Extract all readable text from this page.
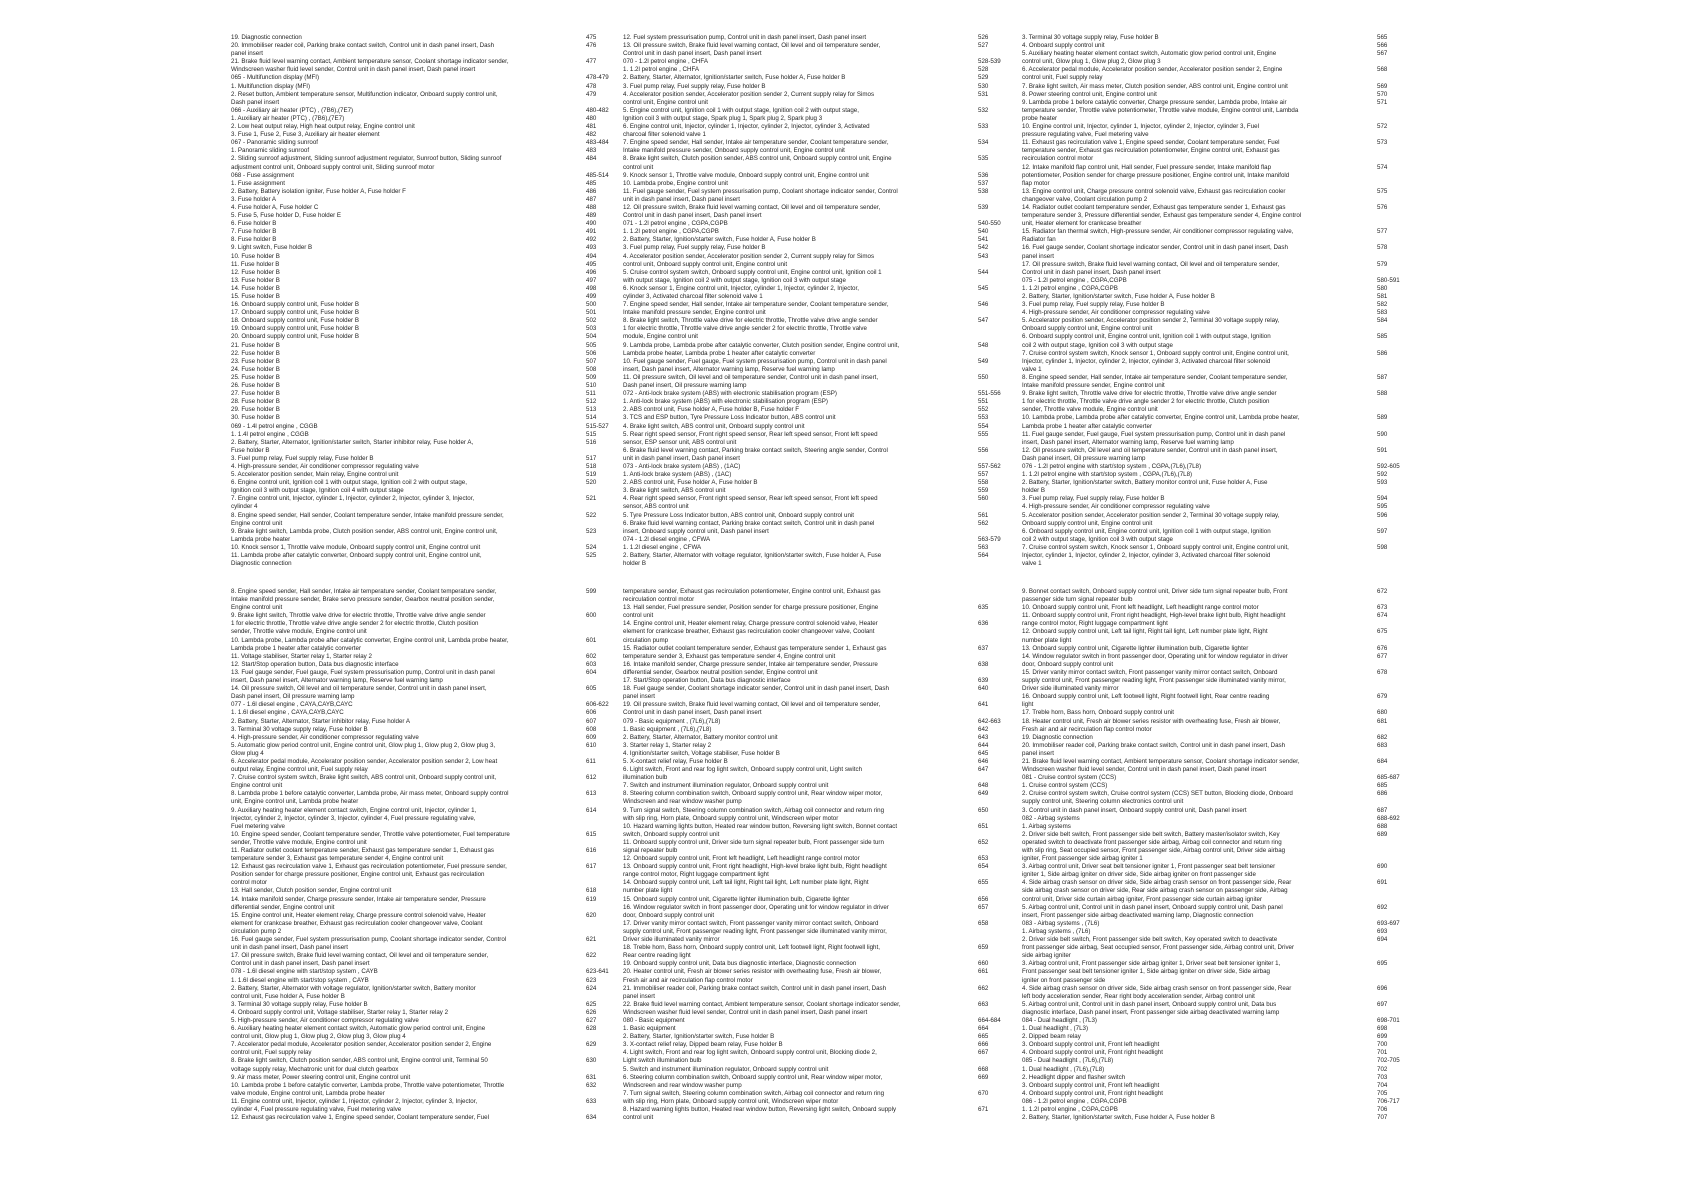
19. Diagnostic connection	475
20. Immobiliser reader coil, Parking brake contact switch, Control unit in dash panel insert, Dash	476
panel insert
21. Brake fluid level warning contact, Ambient temperature sensor, Coolant shortage indicator sender,	477
Windscreen washer fluid level sender, Control unit in dash panel insert, Dash panel insert
065 - Multifunction display (MFI)	478-479
1. Multifunction display (MFI)	478
2. Reset button, Ambient temperature sensor, Multifunction indicator, Onboard supply control unit,	479
Dash panel insert
066 - Auxiliary air heater (PTC) , (7B6),(7E7)	480-482
1. Auxiliary air heater (PTC) , (7B6),(7E7)	480
2. Low heat output relay, High heat output relay, Engine control unit	481
3. Fuse 1, Fuse 2, Fuse 3, Auxiliary air heater element	482
067 - Panoramic sliding sunroof	483-484
1. Panoramic sliding sunroof	483
2. Sliding sunroof adjustment, Sliding sunroof adjustment regulator, Sunroof button, Sliding sunroof	484
adjustment control unit, Onboard supply control unit, Sliding sunroof motor
068 - Fuse assignment	485-514
1. Fuse assignment	485
2. Battery, Battery isolation igniter, Fuse holder A, Fuse holder F	486
3. Fuse holder A	487
4. Fuse holder A, Fuse holder C	488
5. Fuse 5, Fuse holder D, Fuse holder E	489
6. Fuse holder B	490
7. Fuse holder B	491
8. Fuse holder B	492
9. Light switch, Fuse holder B	493
10. Fuse holder B	494
11. Fuse holder B	495
12. Fuse holder B	496
13. Fuse holder B	497
14. Fuse holder B	498
15. Fuse holder B	499
16. Onboard supply control unit, Fuse holder B	500
17. Onboard supply control unit, Fuse holder B	501
18. Onboard supply control unit, Fuse holder B	502
19. Onboard supply control unit, Fuse holder B	503
20. Onboard supply control unit, Fuse holder B	504
21. Fuse holder B	505
22. Fuse holder B	506
23. Fuse holder B	507
24. Fuse holder B	508
25. Fuse holder B	509
26. Fuse holder B	510
27. Fuse holder B	511
28. Fuse holder B	512
29. Fuse holder B	513
30. Fuse holder B	514
069 - 1.4l petrol engine , CGGB	515-527
1. 1.4l petrol engine , CGGB	515
2. Battery, Starter, Alternator, Ignition/starter switch, Starter inhibitor relay, Fuse holder A,	516
Fuse holder B
3. Fuel pump relay, Fuel supply relay, Fuse holder B	517
4. High-pressure sender, Air conditioner compressor regulating valve	518
5. Accelerator position sender, Main relay, Engine control unit	519
6. Engine control unit, Ignition coil 1 with output stage, Ignition coil 2 with output stage,	520
Ignition coil 3 with output stage, Ignition coil 4 with output stage
7. Engine control unit, Injector, cylinder 1, Injector, cylinder 2, Injector, cylinder 3, Injector,	521
cylinder 4
8. Engine speed sender, Hall sender, Coolant temperature sender, Intake manifold pressure sender,	522
Engine control unit
9. Brake light switch, Lambda probe, Clutch position sender, ABS control unit, Engine control unit,	523
Lambda probe heater
10. Knock sensor 1, Throttle valve module, Onboard supply control unit, Engine control unit	524
11. Lambda probe after catalytic converter, Onboard supply control unit, Engine control unit,	525
Diagnostic connection
12. Fuel system pressurisation pump, Control unit in dash panel insert, Dash panel insert	526
13. Oil pressure switch, Brake fluid level warning contact, Oil level and oil temperature sender,	527
Control unit in dash panel insert, Dash panel insert
070 - 1.2l petrol engine , CHFA	528-539
1. 1.2l petrol engine , CHFA	528
2. Battery, Starter, Alternator, Ignition/starter switch, Fuse holder A, Fuse holder B	529
3. Fuel pump relay, Fuel supply relay, Fuse holder B	530
4. Accelerator position sender, Accelerator position sender 2, Current supply relay for Simos	531
control unit, Engine control unit
5. Engine control unit, Ignition coil 1 with output stage, Ignition coil 2 with output stage,	532
Ignition coil 3 with output stage, Spark plug 1, Spark plug 2, Spark plug 3
6. Engine control unit, Injector, cylinder 1, Injector, cylinder 2, Injector, cylinder 3, Activated	533
charcoal filter solenoid valve 1
7. Engine speed sender, Hall sender, Intake air temperature sender, Coolant temperature sender,	534
Intake manifold pressure sender, Onboard supply control unit, Engine control unit
8. Brake light switch, Clutch position sender, ABS control unit, Onboard supply control unit, Engine	535
control unit
9. Knock sensor 1, Throttle valve module, Onboard supply control unit, Engine control unit	536
10. Lambda probe, Engine control unit	537
11. Fuel gauge sender, Fuel system pressurisation pump, Coolant shortage indicator sender, Control	538
unit in dash panel insert, Dash panel insert
12. Oil pressure switch, Brake fluid level warning contact, Oil level and oil temperature sender,	539
Control unit in dash panel insert, Dash panel insert
071 - 1.2l petrol engine , CGPA,CGPB	540-550
1. 1.2l petrol engine , CGPA,CGPB	540
2. Battery, Starter, Ignition/starter switch, Fuse holder A, Fuse holder B	541
3. Fuel pump relay, Fuel supply relay, Fuse holder B	542
4. Accelerator position sender, Accelerator position sender 2, Current supply relay for Simos	543
control unit, Onboard supply control unit, Engine control unit
5. Cruise control system switch, Onboard supply control unit, Engine control unit, Ignition coil 1	544
with output stage, Ignition coil 2 with output stage, Ignition coil 3 with output stage
6. Knock sensor 1, Engine control unit, Injector, cylinder 1, Injector, cylinder 2, Injector,	545
cylinder 3, Activated charcoal filter solenoid valve 1
7. Engine speed sender, Hall sender, Intake air temperature sender, Coolant temperature sender,	546
Intake manifold pressure sender, Engine control unit
8. Brake light switch, Throttle valve drive for electric throttle, Throttle valve drive angle sender	547
1 for electric throttle, Throttle valve drive angle sender 2 for electric throttle, Throttle valve
module, Engine control unit
9. Lambda probe, Lambda probe after catalytic converter, Clutch position sender, Engine control unit,	548
Lambda probe heater, Lambda probe 1 heater after catalytic converter
10. Fuel gauge sender, Fuel gauge, Fuel system pressurisation pump, Control unit in dash panel	549
insert, Dash panel insert, Alternator warning lamp, Reserve fuel warning lamp
11. Oil pressure switch, Oil level and oil temperature sender, Control unit in dash panel insert,	550
Dash panel insert, Oil pressure warning lamp
072 - Anti-lock brake system (ABS) with electronic stabilisation program (ESP)	551-556
1. Anti-lock brake system (ABS) with electronic stabilisation program (ESP)	551
2. ABS control unit, Fuse holder A, Fuse holder B, Fuse holder F	552
3. TCS and ESP button, Tyre Pressure Loss Indicator button, ABS control unit	553
4. Brake light switch, ABS control unit, Onboard supply control unit	554
5. Rear right speed sensor, Front right speed sensor, Rear left speed sensor, Front left speed	555
sensor, ESP sensor unit, ABS control unit
6. Brake fluid level warning contact, Parking brake contact switch, Steering angle sender, Control	556
unit in dash panel insert, Dash panel insert
073 - Anti-lock brake system (ABS) , (1AC)	557-562
1. Anti-lock brake system (ABS) , (1AC)	557
2. ABS control unit, Fuse holder A, Fuse holder B	558
3. Brake light switch, ABS control unit	559
4. Rear right speed sensor, Front right speed sensor, Rear left speed sensor, Front left speed	560
sensor, ABS control unit
5. Tyre Pressure Loss Indicator button, ABS control unit, Onboard supply control unit	561
6. Brake fluid level warning contact, Parking brake contact switch, Control unit in dash panel	562
insert, Onboard supply control unit, Dash panel insert
074 - 1.2l diesel engine , CFWA	563-579
1. 1.2l diesel engine , CFWA	563
2. Battery, Starter, Alternator with voltage regulator, Ignition/starter switch, Fuse holder A, Fuse	564
holder B
3. Terminal 30 voltage supply relay, Fuse holder B	565
4. Onboard supply control unit	566
5. Auxiliary heating heater element contact switch, Automatic glow period control unit, Engine	567
control unit, Glow plug 1, Glow plug 2, Glow plug 3
6. Accelerator pedal module, Accelerator position sender, Accelerator position sender 2, Engine	568
control unit, Fuel supply relay
7. Brake light switch, Air mass meter, Clutch position sender, ABS control unit, Engine control unit	569
8. Power steering control unit, Engine control unit	570
9. Lambda probe 1 before catalytic converter, Charge pressure sender, Lambda probe, Intake air	571
temperature sender, Throttle valve potentiometer, Throttle valve module, Engine control unit, Lambda
probe heater
10. Engine control unit, Injector, cylinder 1, Injector, cylinder 2, Injector, cylinder 3, Fuel	572
pressure regulating valve, Fuel metering valve
11. Exhaust gas recirculation valve 1, Engine speed sender, Coolant temperature sender, Fuel	573
temperature sender, Exhaust gas recirculation potentiometer, Engine control unit, Exhaust gas
recirculation control motor
12. Intake manifold flap control unit, Hall sender, Fuel pressure sender, Intake manifold flap	574
potentiometer, Position sender for charge pressure positioner, Engine control unit, Intake manifold
flap motor
13. Engine control unit, Charge pressure control solenoid valve, Exhaust gas recirculation cooler	575
changeover valve, Coolant circulation pump 2
14. Radiator outlet coolant temperature sender, Exhaust gas temperature sender 1, Exhaust gas	576
temperature sender 3, Pressure differential sender, Exhaust gas temperature sender 4, Engine control
unit, Heater element for crankcase breather
15. Radiator fan thermal switch, High-pressure sender, Air conditioner compressor regulating valve,	577
Radiator fan
16. Fuel gauge sender, Coolant shortage indicator sender, Control unit in dash panel insert, Dash	578
panel insert
17. Oil pressure switch, Brake fluid level warning contact, Oil level and oil temperature sender,	579
Control unit in dash panel insert, Dash panel insert
075 - 1.2l petrol engine , CGPA,CGPB	580-591
1. 1.2l petrol engine , CGPA,CGPB	580
2. Battery, Starter, Ignition/starter switch, Fuse holder A, Fuse holder B	581
3. Fuel pump relay, Fuel supply relay, Fuse holder B	582
4. High-pressure sender, Air conditioner compressor regulating valve	583
5. Accelerator position sender, Accelerator position sender 2, Terminal 30 voltage supply relay,	584
Onboard supply control unit, Engine control unit
6. Onboard supply control unit, Engine control unit, Ignition coil 1 with output stage, Ignition	585
coil 2 with output stage, Ignition coil 3 with output stage
7. Cruise control system switch, Knock sensor 1, Onboard supply control unit, Engine control unit,	586
Injector, cylinder 1, Injector, cylinder 2, Injector, cylinder 3, Activated charcoal filter solenoid
valve 1
8. Engine speed sender, Hall sender, Intake air temperature sender, Coolant temperature sender,	587
Intake manifold pressure sender, Engine control unit
9. Brake light switch, Throttle valve drive for electric throttle, Throttle valve drive angle sender	588
1 for electric throttle, Throttle valve drive angle sender 2 for electric throttle, Clutch position
sender, Throttle valve module, Engine control unit
10. Lambda probe, Lambda probe after catalytic converter, Engine control unit, Lambda probe heater,	589
Lambda probe 1 heater after catalytic converter
11. Fuel gauge sender, Fuel gauge, Fuel system pressurisation pump, Control unit in dash panel	590
insert, Dash panel insert, Alternator warning lamp, Reserve fuel warning lamp
12. Oil pressure switch, Oil level and oil temperature sender, Control unit in dash panel insert,	591
Dash panel insert, Oil pressure warning lamp
076 - 1.2l petrol engine with start/stop system , CGPA,(7L6),(7L8)	592-605
1. 1.2l petrol engine with start/stop system , CGPA,(7L6),(7L8)	592
2. Battery, Starter, Ignition/starter switch, Battery monitor control unit, Fuse holder A, Fuse	593
holder B
3. Fuel pump relay, Fuel supply relay, Fuse holder B	594
4. High-pressure sender, Air conditioner compressor regulating valve	595
5. Accelerator position sender, Accelerator position sender 2, Terminal 30 voltage supply relay,	596
Onboard supply control unit, Engine control unit
6. Onboard supply control unit, Engine control unit, Ignition coil 1 with output stage, Ignition	597
coil 2 with output stage, Ignition coil 3 with output stage
7. Cruise control system switch, Knock sensor 1, Onboard supply control unit, Engine control unit,	598
Injector, cylinder 1, Injector, cylinder 2, Injector, cylinder 3, Activated charcoal filter solenoid
valve 1
8. Engine speed sender, Hall sender, Intake air temperature sender, Coolant temperature sender,	599
Intake manifold pressure sender, Brake servo pressure sender, Gearbox neutral position sender,
Engine control unit
9. Brake light switch, Throttle valve drive for electric throttle, Throttle valve drive angle sender	600
1 for electric throttle, Throttle valve drive angle sender 2 for electric throttle, Clutch position
sender, Throttle valve module, Engine control unit
10. Lambda probe, Lambda probe after catalytic converter, Engine control unit, Lambda probe heater,	601
Lambda probe 1 heater after catalytic converter
11. Voltage stabiliser, Starter relay 1, Starter relay 2	602
12. Start/Stop operation button, Data bus diagnostic interface	603
13. Fuel gauge sender, Fuel gauge, Fuel system pressurisation pump, Control unit in dash panel	604
insert, Dash panel insert, Alternator warning lamp, Reserve fuel warning lamp
14. Oil pressure switch, Oil level and oil temperature sender, Control unit in dash panel insert,	605
Dash panel insert, Oil pressure warning lamp
077 - 1.6l diesel engine , CAYA,CAYB,CAYC	606-622
1. 1.6l diesel engine , CAYA,CAYB,CAYC	606
2. Battery, Starter, Alternator, Starter inhibitor relay, Fuse holder A	607
3. Terminal 30 voltage supply relay, Fuse holder B	608
4. High-pressure sender, Air conditioner compressor regulating valve	609
5. Automatic glow period control unit, Engine control unit, Glow plug 1, Glow plug 2, Glow plug 3,	610
Glow plug 4
6. Accelerator pedal module, Accelerator position sender, Accelerator position sender 2, Low heat	611
output relay, Engine control unit, Fuel supply relay
7. Cruise control system switch, Brake light switch, ABS control unit, Onboard supply control unit,	612
Engine control unit
8. Lambda probe 1 before catalytic converter, Lambda probe, Air mass meter, Onboard supply control	613
unit, Engine control unit, Lambda probe heater
9. Auxiliary heating heater element contact switch, Engine control unit, Injector, cylinder 1,	614
Injector, cylinder 2, Injector, cylinder 3, Injector, cylinder 4, Fuel pressure regulating valve,
Fuel metering valve
10. Engine speed sender, Coolant temperature sender, Throttle valve potentiometer, Fuel temperature	615
sender, Throttle valve module, Engine control unit
11. Radiator outlet coolant temperature sender, Exhaust gas temperature sender 1, Exhaust gas	616
temperature sender 3, Exhaust gas temperature sender 4, Engine control unit
12. Exhaust gas recirculation valve 1, Exhaust gas recirculation potentiometer, Fuel pressure sender,	617
Position sender for charge pressure positioner, Engine control unit, Exhaust gas recirculation
control motor
13. Hall sender, Clutch position sender, Engine control unit	618
14. Intake manifold sender, Charge pressure sender, Intake air temperature sender, Pressure	619
differential sender, Engine control unit
15. Engine control unit, Heater element relay, Charge pressure control solenoid valve, Heater	620
element for crankcase breather, Exhaust gas recirculation cooler changeover valve, Coolant
circulation pump 2
16. Fuel gauge sender, Fuel system pressurisation pump, Coolant shortage indicator sender, Control	621
unit in dash panel insert, Dash panel insert
17. Oil pressure switch, Brake fluid level warning contact, Oil level and oil temperature sender,	622
Control unit in dash panel insert, Dash panel insert
078 - 1.6l diesel engine with start/stop system , CAYB	623-641
1. 1.6l diesel engine with start/stop system , CAYB	623
2. Battery, Starter, Alternator with voltage regulator, Ignition/starter switch, Battery monitor	624
control unit, Fuse holder A, Fuse holder B
3. Terminal 30 voltage supply relay, Fuse holder B	625
4. Onboard supply control unit, Voltage stabiliser, Starter relay 1, Starter relay 2	626
5. High-pressure sender, Air conditioner compressor regulating valve	627
6. Auxiliary heating heater element contact switch, Automatic glow period control unit, Engine	628
control unit, Glow plug 1, Glow plug 2, Glow plug 3, Glow plug 4
7. Accelerator pedal module, Accelerator position sender, Accelerator position sender 2, Engine	629
control unit, Fuel supply relay
8. Brake light switch, Clutch position sender, ABS control unit, Engine control unit, Terminal 50	630
voltage supply relay, Mechatronic unit for dual clutch gearbox
9. Air mass meter, Power steering control unit, Engine control unit	631
10. Lambda probe 1 before catalytic converter, Lambda probe, Throttle valve potentiometer, Throttle	632
valve module, Engine control unit, Lambda probe heater
11. Engine control unit, Injector, cylinder 1, Injector, cylinder 2, Injector, cylinder 3, Injector,	633
cylinder 4, Fuel pressure regulating valve, Fuel metering valve
12. Exhaust gas recirculation valve 1, Engine speed sender, Coolant temperature sender, Fuel	634
temperature sender, Exhaust gas recirculation potentiometer, Engine control unit, Exhaust gas
recirculation control motor
13. Hall sender, Fuel pressure sender, Position sender for charge pressure positioner, Engine	635
control unit
14. Engine control unit, Heater element relay, Charge pressure control solenoid valve, Heater	636
element for crankcase breather, Exhaust gas recirculation cooler changeover valve, Coolant
circulation pump
15. Radiator outlet coolant temperature sender, Exhaust gas temperature sender 1, Exhaust gas	637
temperature sender 3, Exhaust gas temperature sender 4, Engine control unit
16. Intake manifold sender, Charge pressure sender, Intake air temperature sender, Pressure	638
differential sender, Gearbox neutral position sender, Engine control unit
17. Start/Stop operation button, Data bus diagnostic interface	639
18. Fuel gauge sender, Coolant shortage indicator sender, Control unit in dash panel insert, Dash	640
panel insert
19. Oil pressure switch, Brake fluid level warning contact, Oil level and oil temperature sender,	641
Control unit in dash panel insert, Dash panel insert
079 - Basic equipment , (7L6),(7L8)	642-663
1. Basic equipment , (7L6),(7L8)	642
2. Battery, Starter, Alternator, Battery monitor control unit	643
3. Starter relay 1, Starter relay 2	644
4. Ignition/starter switch, Voltage stabiliser, Fuse holder B	645
5. X-contact relief relay, Fuse holder B	646
6. Light switch, Front and rear fog light switch, Onboard supply control unit, Light switch	647
illumination bulb
7. Switch and instrument illumination regulator, Onboard supply control unit	648
8. Steering column combination switch, Onboard supply control unit, Rear window wiper motor,	649
Windscreen and rear window washer pump
9. Turn signal switch, Steering column combination switch, Airbag coil connector and return ring	650
with slip ring, Horn plate, Onboard supply control unit, Windscreen wiper motor
10. Hazard warning lights button, Heated rear window button, Reversing light switch, Bonnet contact	651
switch, Onboard supply control unit
11. Onboard supply control unit, Driver side turn signal repeater bulb, Front passenger side turn	652
signal repeater bulb
12. Onboard supply control unit, Front left headlight, Left headlight range control motor	653
13. Onboard supply control unit, Front right headlight, High-level brake light bulb, Right headlight	654
range control motor, Right luggage compartment light
14. Onboard supply control unit, Left tail light, Right tail light, Left number plate light, Right	655
number plate light
15. Onboard supply control unit, Cigarette lighter illumination bulb, Cigarette lighter	656
16. Window regulator switch in front passenger door, Operating unit for window regulator in driver	657
door, Onboard supply control unit
17. Driver vanity mirror contact switch, Front passenger vanity mirror contact switch, Onboard	658
supply control unit, Front passenger reading light, Front passenger side illuminated vanity mirror,
Driver side illuminated vanity mirror
18. Treble horn, Bass horn, Onboard supply control unit, Left footwell light, Right footwell light,	659
Rear centre reading light
19. Onboard supply control unit, Data bus diagnostic interface, Diagnostic connection	660
20. Heater control unit, Fresh air blower series resistor with overheating fuse, Fresh air blower,	661
Fresh air and air recirculation flap control motor
21. Immobiliser reader coil, Parking brake contact switch, Control unit in dash panel insert, Dash	662
panel insert
22. Brake fluid level warning contact, Ambient temperature sensor, Coolant shortage indicator sender,	663
Windscreen washer fluid level sender, Control unit in dash panel insert, Dash panel insert
080 - Basic equipment	664-684
1. Basic equipment	664
2. Battery, Starter, Ignition/starter switch, Fuse holder B	665
3. X-contact relief relay, Dipped beam relay, Fuse holder B	666
4. Light switch, Front and rear fog light switch, Onboard supply control unit, Blocking diode 2,	667
Light switch illumination bulb
5. Switch and instrument illumination regulator, Onboard supply control unit	668
6. Steering column combination switch, Onboard supply control unit, Rear window wiper motor,	669
Windscreen and rear window washer pump
7. Turn signal switch, Steering column combination switch, Airbag coil connector and return ring	670
with slip ring, Horn plate, Onboard supply control unit, Windscreen wiper motor
8. Hazard warning lights button, Heated rear window button, Reversing light switch, Onboard supply	671
control unit
9. Bonnet contact switch, Onboard supply control unit, Driver side turn signal repeater bulb, Front	672
passenger side turn signal repeater bulb
10. Onboard supply control unit, Front left headlight, Left headlight range control motor	673
11. Onboard supply control unit, Front right headlight, High-level brake light bulb, Right headlight	674
range control motor, Right luggage compartment light
12. Onboard supply control unit, Left tail light, Right tail light, Left number plate light, Right	675
number plate light
13. Onboard supply control unit, Cigarette lighter illumination bulb, Cigarette lighter	676
14. Window regulator switch in front passenger door, Operating unit for window regulator in driver	677
door, Onboard supply control unit
15. Driver vanity mirror contact switch, Front passenger vanity mirror contact switch, Onboard	678
supply control unit, Front passenger reading light, Front passenger side illuminated vanity mirror,
Driver side illuminated vanity mirror
16. Onboard supply control unit, Left footwell light, Right footwell light, Rear centre reading	679
light
17. Treble horn, Bass horn, Onboard supply control unit	680
18. Heater control unit, Fresh air blower series resistor with overheating fuse, Fresh air blower,	681
Fresh air and air recirculation flap control motor
19. Diagnostic connection	682
20. Immobiliser reader coil, Parking brake contact switch, Control unit in dash panel insert, Dash	683
panel insert
21. Brake fluid level warning contact, Ambient temperature sensor, Coolant shortage indicator sender,	684
Windscreen washer fluid level sender, Control unit in dash panel insert, Dash panel insert
081 - Cruise control system (CCS)	685-687
1. Cruise control system (CCS)	685
2. Cruise control system switch, Cruise control system (CCS) SET button, Blocking diode, Onboard	686
supply control unit, Steering column electronics control unit
3. Control unit in dash panel insert, Onboard supply control unit, Dash panel insert	687
082 - Airbag systems	688-692
1. Airbag systems	688
2. Driver side belt switch, Front passenger side belt switch, Battery master/isolator switch, Key	689
operated switch to deactivate front passenger side airbag, Airbag coil connector and return ring
with slip ring, Seat occupied sensor, Front passenger side, Airbag control unit, Driver side airbag
igniter, Front passenger side airbag igniter 1
3. Airbag control unit, Driver seat belt tensioner igniter 1, Front passenger seat belt tensioner	690
igniter 1, Side airbag igniter on driver side, Side airbag igniter on front passenger side
4. Side airbag crash sensor on driver side, Side airbag crash sensor on front passenger side, Rear	691
side airbag crash sensor on driver side, Rear side airbag crash sensor on passenger side, Airbag
control unit, Driver side curtain airbag igniter, Front passenger side curtain airbag igniter
5. Airbag control unit, Control unit in dash panel insert, Onboard supply control unit, Dash panel	692
insert, Front passenger side airbag deactivated warning lamp, Diagnostic connection
083 - Airbag systems , (7L6)	693-697
1. Airbag systems , (7L6)	693
2. Driver side belt switch, Front passenger side belt switch, Key operated switch to deactivate	694
front passenger side airbag, Seat occupied sensor, Front passenger side, Airbag control unit, Driver
side airbag igniter
3. Airbag control unit, Front passenger side airbag igniter 1, Driver seat belt tensioner igniter 1,	695
Front passenger seat belt tensioner igniter 1, Side airbag igniter on driver side, Side airbag
igniter on front passenger side
4. Side airbag crash sensor on driver side, Side airbag crash sensor on front passenger side, Rear	696
left body acceleration sender, Rear right body acceleration sender, Airbag control unit
5. Airbag control unit, Control unit in dash panel insert, Onboard supply control unit, Data bus	697
diagnostic interface, Dash panel insert, Front passenger side airbag deactivated warning lamp
084 - Dual headlight , (7L3)	698-701
1. Dual headlight , (7L3)	698
2. Dipped beam relay	699
3. Onboard supply control unit, Front left headlight	700
4. Onboard supply control unit, Front right headlight	701
085 - Dual headlight , (7L6),(7L8)	702-705
1. Dual headlight , (7L6),(7L8)	702
2. Headlight dipper and flasher switch	703
3. Onboard supply control unit, Front left headlight	704
4. Onboard supply control unit, Front right headlight	705
086 - 1.2l petrol engine , CGPA,CGPB	706-717
1. 1.2l petrol engine , CGPA,CGPB	706
2. Battery, Starter, Ignition/starter switch, Fuse holder A, Fuse holder B	707
